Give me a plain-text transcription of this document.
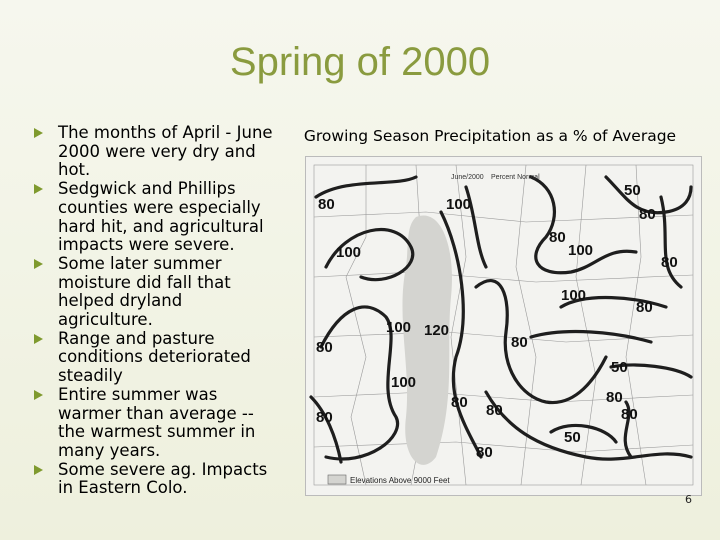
Spring of 2000
The months of April - June 2000 were very dry and hot.
Sedgwick and Phillips counties were especially hard hit, and agricultural impacts were severe.
Some later summer moisture did fall that helped dryland agriculture.
Range and pasture conditions deteriorated steadily
Entire summer was warmer than average -- the warmest summer in many years.
Some severe ag. Impacts in Eastern Colo.
Growing Season Precipitation as a % of Average
80
100
50
80
80
100
80
100
100
80
120
80
100
80
50
80
80
80
80
50
100
80
80
June/2000 Percent Normal
Elevations Above 9000 Feet
6
